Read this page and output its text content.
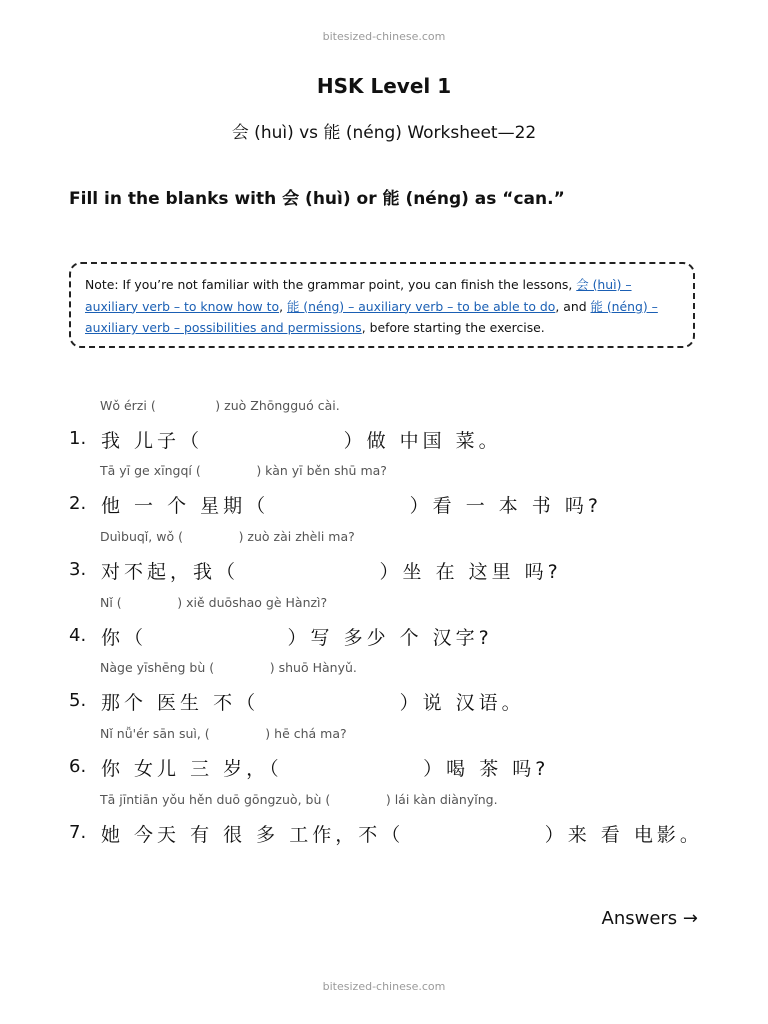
bitesized-chinese.com
HSK Level 1
会 (huì) vs 能 (néng) Worksheet—22
Fill in the blanks with 会 (huì) or 能 (néng) as “can.”
Note: If you’re not familiar with the grammar point, you can finish the lessons, 会 (huì) – auxiliary verb – to know how to, 能 (néng) – auxiliary verb – to be able to do, and 能 (néng) – auxiliary verb – possibilities and permissions, before starting the exercise.
Wǒ érzi (               ) zuò Zhōngguó cài.
1. 我 儿子（              ）做 中国 菜。
Tā yī ge xīngqí (              ) kàn yī běn shū ma?
2. 他 一 个 星期（              ）看 一 本 书 吗?
Duìbuqǐ, wǒ (              ) zuò zài zhèli ma?
3. 对不起，我（              ）坐 在 这里 吗?
Nǐ (              ) xiě duōshao gè Hànzì?
4. 你（              ）写 多少 个 汉字?
Nàge yīshēng bù (              ) shuō Hànyǔ.
5. 那个 医生 不（              ）说 汉语。
Nǐ nǚ'ér sān suì, (              ) hē chá ma?
6. 你 女儿 三 岁，（              ）喝 茶 吗?
Tā jīntiān yǒu hěn duō gōngzuò, bù (              ) lái kàn diànyǐng.
7. 她 今天 有 很 多 工作，不（              ）来 看 电影。
Answers →
bitesized-chinese.com
